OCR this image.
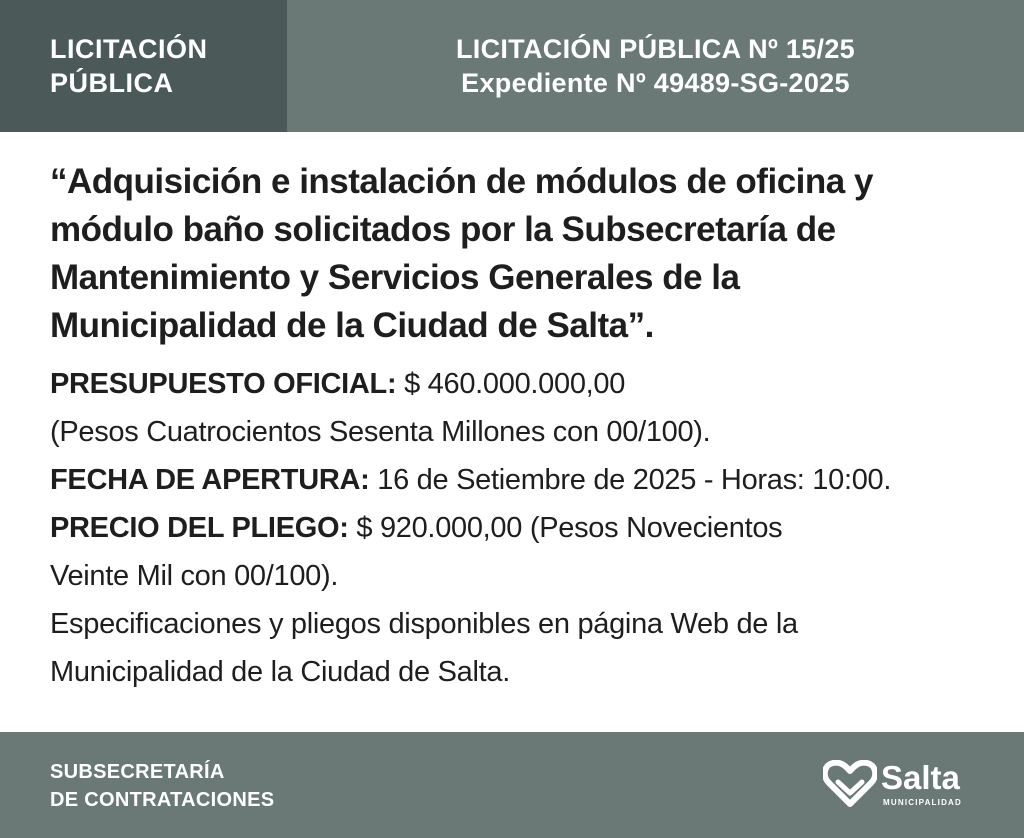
LICITACIÓN
PÚBLICA
LICITACIÓN PÚBLICA Nº 15/25
Expediente Nº 49489-SG-2025
“Adquisición e instalación de módulos de oficina y
módulo baño solicitados por la Subsecretaría de
Mantenimiento y Servicios Generales de la
Municipalidad de la Ciudad de Salta”.

PRESUPUESTO OFICIAL: $ 460.000.000,00

(Pesos Cuatrocientos Sesenta Millones con 00/100).

FECHA DE APERTURA: 16 de Setiembre de 2025 - Horas: 10:00.

PRECIO DEL PLIEGO: $ 920.000,00 (Pesos Novecientos

Veinte Mil con 00/100).

Especificaciones y pliegos disponibles en página Web de la

Municipalidad de la Ciudad de Salta.

SUBSECRETARÍA
DE CONTRATACIONES
Salta
MUNICIPALIDAD
